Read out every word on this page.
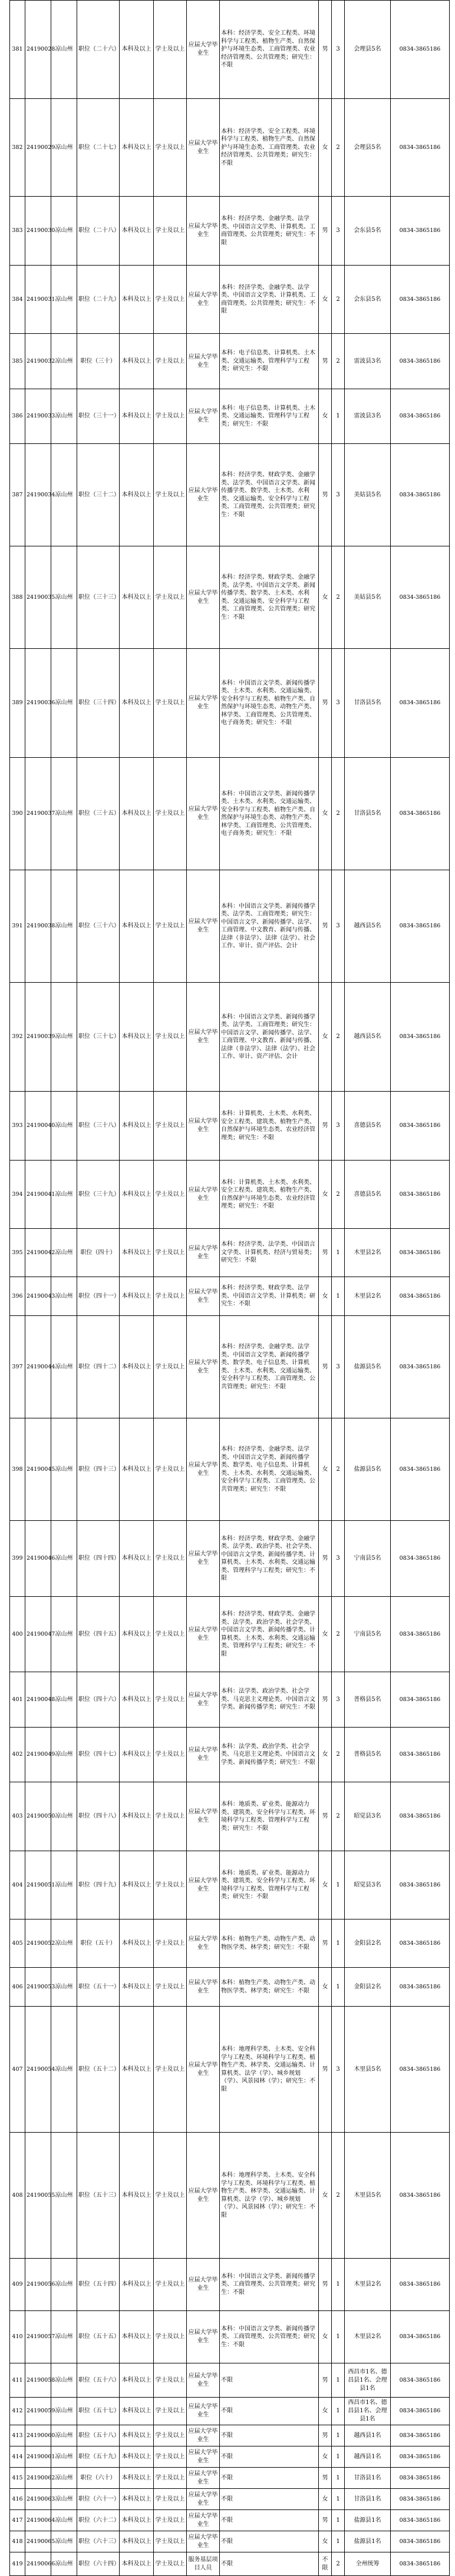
381	24190028	凉山州	职位（二十六）	本科及以上	学士及以上	应届大学毕业生	本科：经济学类、安全工程类、环境科学与工程类、植物生产类、自然保护与环境生态类、工商管理类、农业经济管理类、公共管理类；研究生：不限	男	3	会理县5名	0834-3865186
382	24190029	凉山州	职位（二十七）	本科及以上	学士及以上	应届大学毕业生	本科：经济学类、安全工程类、环境科学与工程类、植物生产类、自然保护与环境生态类、工商管理类、农业经济管理类、公共管理类；研究生：不限	女	2	会理县5名	0834-3865186
383	24190030	凉山州	职位（二十八）	本科及以上	学士及以上	应届大学毕业生	本科：经济学类、金融学类、法学类、中国语言文学类、计算机类、工商管理类、公共管理类；研究生：不限	男	3	会东县5名	0834-3865186
384	24190031	凉山州	职位（二十九）	本科及以上	学士及以上	应届大学毕业生	本科：经济学类、金融学类、法学类、中国语言文学类、计算机类、工商管理类、公共管理类；研究生：不限	女	2	会东县5名	0834-3865186
385	24190032	凉山州	职位（三十）	本科及以上	学士及以上	应届大学毕业生	本科：电子信息类、计算机类、土木类、交通运输类、管理科学与工程类；研究生：不限	男	2	雷波县3名	0834-3865186
386	24190033	凉山州	职位（三十一）	本科及以上	学士及以上	应届大学毕业生	本科：电子信息类、计算机类、土木类、交通运输类、管理科学与工程类；研究生：不限	女	1	雷波县3名	0834-3865186
387	24190034	凉山州	职位（三十二）	本科及以上	学士及以上	应届大学毕业生	本科：经济学类、财政学类、金融学类、法学类、中国语言文学类、新闻传播学类、数学类、土木类、水利类、交通运输类、安全科学与工程类、工商管理类、公共管理类；研究生：不限	男	3	美姑县5名	0834-3865186
388	24190035	凉山州	职位（三十三）	本科及以上	学士及以上	应届大学毕业生	本科：经济学类、财政学类、金融学类、法学类、中国语言文学类、新闻传播学类、数学类、土木类、水利类、交通运输类、安全科学与工程类、工商管理类、公共管理类；研究生：不限	女	2	美姑县5名	0834-3865186
389	24190036	凉山州	职位（三十四）	本科及以上	学士及以上	应届大学毕业生	本科：中国语言文学类、新闻传播学类、土木类、水利类、交通运输类、安全科学与工程类、植物生产类、自然保护与环境生态类、动物生产类、林学类、工商管理类、公共管理类、电子商务类；研究生：不限	男	3	甘洛县5名	0834-3865186
390	24190037	凉山州	职位（三十五）	本科及以上	学士及以上	应届大学毕业生	本科：中国语言文学类、新闻传播学类、土木类、水利类、交通运输类、安全科学与工程类、植物生产类、自然保护与环境生态类、动物生产类、林学类、工商管理类、公共管理类、电子商务类；研究生：不限	女	2	甘洛县5名	0834-3865186
391	24190038	凉山州	职位（三十六）	本科及以上	学士及以上	应届大学毕业生	本科：中国语言文学类、新闻传播学类、法学类、工商管理类；研究生：中国语言文学、新闻传播学、法学、工商管理、中文教育、新闻与传播、法律（非法学）、法律（法学）、社会工作、审计、资产评估、会计	男	3	越西县5名	0834-3865186
392	24190039	凉山州	职位（三十七）	本科及以上	学士及以上	应届大学毕业生	本科：中国语言文学类、新闻传播学类、法学类、工商管理类；研究生：中国语言文学、新闻传播学、法学、工商管理、中文教育、新闻与传播、法律（非法学）、法律（法学）、社会工作、审计、资产评估、会计	女	2	越西县5名	0834-3865186
393	24190040	凉山州	职位（三十八）	本科及以上	学士及以上	应届大学毕业生	本科：计算机类、土木类、水利类、安全工程类、建筑类、植物生产类、自然保护与环境生态类、农业经济管理类；研究生：不限	男	3	喜德县5名	0834-3865186
394	24190041	凉山州	职位（三十九）	本科及以上	学士及以上	应届大学毕业生	本科：计算机类、土木类、水利类、安全工程类、建筑类、植物生产类、自然保护与环境生态类、农业经济管理类；研究生：不限	女	2	喜德县5名	0834-3865186
395	24190042	凉山州	职位（四十）	本科及以上	学士及以上	应届大学毕业生	本科：经济学类、法学类、中国语言文学类、计算机类、经济与贸易类；研究生：不限	男	1	木里县2名	0834-3865186
396	24190043	凉山州	职位（四十一）	本科及以上	学士及以上	应届大学毕业生	本科：经济学类、财政学类、法学类、中国语言文学类、计算机类；研究生：不限	女	1	木里县2名	0834-3865186
397	24190044	凉山州	职位（四十二）	本科及以上	学士及以上	应届大学毕业生	本科：经济学类、金融学类、法学类、中国语言文学类、新闻传播学类、数学类、电子信息类、计算机类、土木类、水利类、交通运输类、安全科学与工程类、工商管理类、公共管理类；研究生：不限	男	3	盐源县5名	0834-3865186
398	24190045	凉山州	职位（四十三）	本科及以上	学士及以上	应届大学毕业生	本科：经济学类、金融学类、法学类、中国语言文学类、新闻传播学类、数学类、电子信息类、计算机类、土木类、水利类、交通运输类、安全科学与工程类、工商管理类、公共管理类；研究生：不限	女	2	盐源县5名	0834-3865186
399	24190046	凉山州	职位（四十四）	本科及以上	学士及以上	应届大学毕业生	本科：经济学类、财政学类、金融学类、法学类、政治学类、社会学类、中国语言文学类、新闻传播学类、计算机类、土木类、水利类、交通运输类、管理科学与工程类；研究生：不限	男	3	宁南县5名	0834-3865186
400	24190047	凉山州	职位（四十五）	本科及以上	学士及以上	应届大学毕业生	本科：经济学类、财政学类、金融学类、法学类、政治学类、社会学类、中国语言文学类、新闻传播学类、计算机类、土木类、水利类、交通运输类、管理科学与工程类；研究生：不限	女	2	宁南县5名	0834-3865186
401	24190048	凉山州	职位（四十六）	本科及以上	学士及以上	应届大学毕业生	本科：法学类、政治学类、社会学类、马克思主义理论类、中国语言文学类、新闻传播学类；研究生：不限	男	3	普格县5名	0834-3865186
402	24190049	凉山州	职位（四十七）	本科及以上	学士及以上	应届大学毕业生	本科：法学类、政治学类、社会学类、马克思主义理论类、中国语言文学类、新闻传播学类；研究生：不限	女	2	普格县5名	0834-3865186
403	24190050	凉山州	职位（四十八）	本科及以上	学士及以上	应届大学毕业生	本科：地质类、矿业类、能源动力类、建筑类、安全科学与工程类、环境科学与工程类、管理科学与工程类；研究生：不限	男	2	昭觉县3名	0834-3865186
404	24190051	凉山州	职位（四十九）	本科及以上	学士及以上	应届大学毕业生	本科：地质类、矿业类、能源动力类、建筑类、安全科学与工程类、环境科学与工程类、管理科学与工程类；研究生：不限	女	1	昭觉县3名	0834-3865186
405	24190052	凉山州	职位（五十）	本科及以上	学士及以上	应届大学毕业生	本科：植物生产类、动物生产类、动物医学类、林学类；研究生：不限	男	1	金阳县2名	0834-3865186
406	24190053	凉山州	职位（五十一）	本科及以上	学士及以上	应届大学毕业生	本科：植物生产类、动物生产类、动物医学类、林学类；研究生：不限	女	1	金阳县2名	0834-3865186
407	24190054	凉山州	职位（五十二）	本科及以上	学士及以上	应届大学毕业生	本科：地理科学类、土木类、安全科学与工程类、环境科学与工程类、植物生产类、林学类、交通运输类、计算机类、法学（学）、城乡规划（学）、风景园林（学）；研究生：不限	男	3	木里县5名	0834-3865186
408	24190055	凉山州	职位（五十三）	本科及以上	学士及以上	应届大学毕业生	本科：地理科学类、土木类、安全科学与工程类、环境科学与工程类、植物生产类、林学类、交通运输类、计算机类、法学（学）、城乡规划（学）、风景园林（学）；研究生：不限	女	2	木里县5名	0834-3865186
409	24190056	凉山州	职位（五十四）	本科及以上	学士及以上	应届大学毕业生	本科：中国语言文学类、新闻传播学类、工商管理类、公共管理类；研究生：不限	男	1	木里县2名	0834-3865186
410	24190057	凉山州	职位（五十五）	本科及以上	学士及以上	应届大学毕业生	本科：中国语言文学类、新闻传播学类、工商管理类、公共管理类；研究生：不限	女	1	木里县2名	0834-3865186
411	24190058	凉山州	职位（五十六）	本科及以上	学士及以上	应届大学毕业生	不限	男	1	西昌市1名、德昌县1名、会理县1名	0834-3865186
412	24190059	凉山州	职位（五十七）	本科及以上	学士及以上	应届大学毕业生	不限	女	1	西昌市1名、德昌县1名、会理县1名	0834-3865186
413	24190060	凉山州	职位（五十八）	本科及以上	学士及以上	应届大学毕业生	不限	男	1	越西县1名	0834-3865186
414	24190061	凉山州	职位（五十九）	本科及以上	学士及以上	应届大学毕业生	不限	女	1	越西县1名	0834-3865186
415	24190062	凉山州	职位（六十）	本科及以上	学士及以上	应届大学毕业生	不限	男	1	甘洛县1名	0834-3865186
416	24190063	凉山州	职位（六十一）	本科及以上	学士及以上	应届大学毕业生	不限	女	1	甘洛县1名	0834-3865186
417	24190064	凉山州	职位（六十二）	本科及以上	学士及以上	应届大学毕业生	不限	男	1	盐源县1名	0834-3865186
418	24190065	凉山州	职位（六十三）	本科及以上	学士及以上	应届大学毕业生	不限	女	1	盐源县1名	0834-3865186
419	24190066	凉山州	职位（六十四）	本科及以上	学士及以上	服务基层项目人员	不限	不限	2	全州统筹	0834-3865186
